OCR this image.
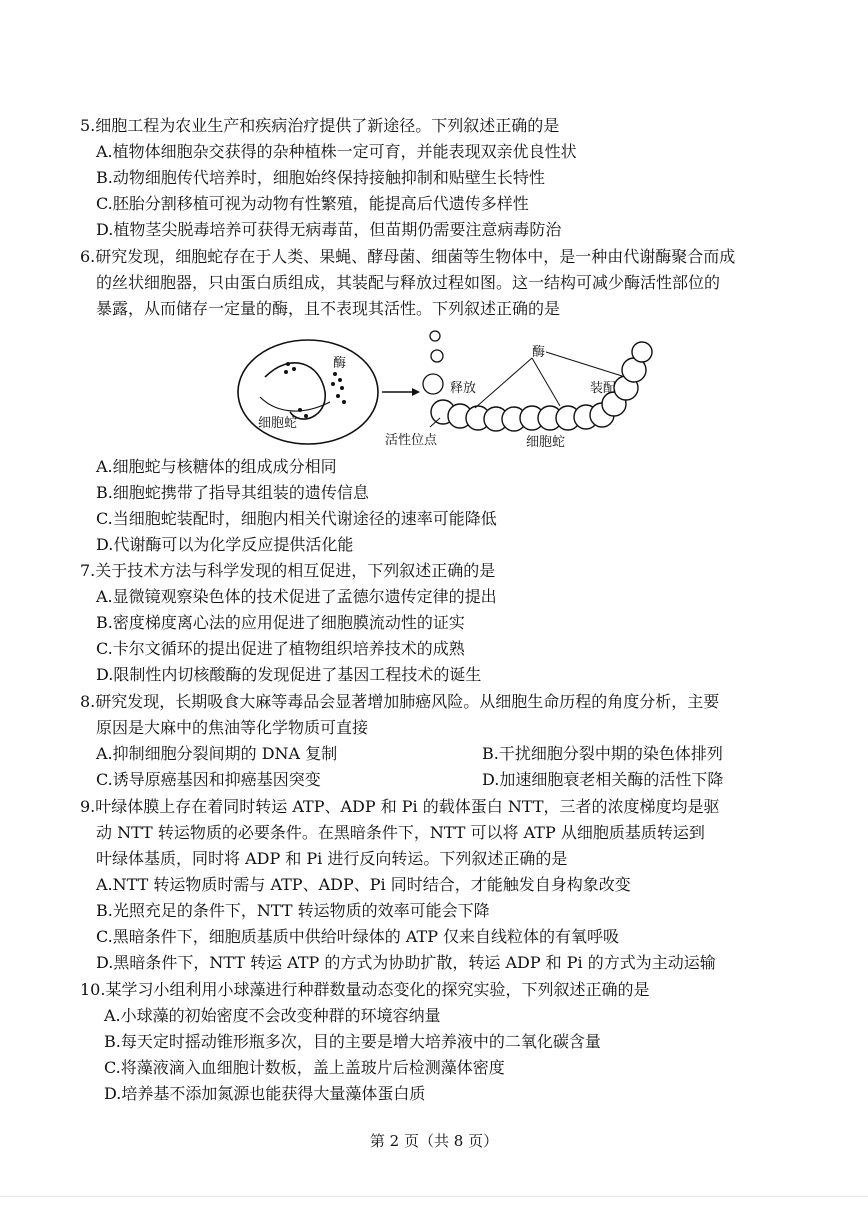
5.细胞工程为农业生产和疾病治疗提供了新途径。下列叙述正确的是
A.植物体细胞杂交获得的杂种植株一定可育，并能表现双亲优良性状
B.动物细胞传代培养时，细胞始终保持接触抑制和贴壁生长特性
C.胚胎分割移植可视为动物有性繁殖，能提高后代遗传多样性
D.植物茎尖脱毒培养可获得无病毒苗，但苗期仍需要注意病毒防治
6.研究发现，细胞蛇存在于人类、果蝇、酵母菌、细菌等生物体中，是一种由代谢酶聚合而成
的丝状细胞器，只由蛋白质组成，其装配与释放过程如图。这一结构可减少酶活性部位的
暴露，从而储存一定量的酶，且不表现其活性。下列叙述正确的是
酶
细胞蛇
酶
释放	装配
活性位点	细胞蛇
A.细胞蛇与核糖体的组成成分相同
B.细胞蛇携带了指导其组装的遗传信息
C.当细胞蛇装配时，细胞内相关代谢途径的速率可能降低
D.代谢酶可以为化学反应提供活化能
7.关于技术方法与科学发现的相互促进，下列叙述正确的是
A.显微镜观察染色体的技术促进了孟德尔遗传定律的提出
B.密度梯度离心法的应用促进了细胞膜流动性的证实
C.卡尔文循环的提出促进了植物组织培养技术的成熟
D.限制性内切核酸酶的发现促进了基因工程技术的诞生
8.研究发现，长期吸食大麻等毒品会显著增加肺癌风险。从细胞生命历程的角度分析，主要
原因是大麻中的焦油等化学物质可直接
A.抑制细胞分裂间期的 DNA 复制	B.干扰细胞分裂中期的染色体排列
C.诱导原癌基因和抑癌基因突变	D.加速细胞衰老相关酶的活性下降
9.叶绿体膜上存在着同时转运 ATP、ADP 和 Pi 的载体蛋白 NTT，三者的浓度梯度均是驱
动 NTT 转运物质的必要条件。在黑暗条件下，NTT 可以将 ATP 从细胞质基质转运到
叶绿体基质，同时将 ADP 和 Pi 进行反向转运。下列叙述正确的是
A.NTT 转运物质时需与 ATP、ADP、Pi 同时结合，才能触发自身构象改变
B.光照充足的条件下，NTT 转运物质的效率可能会下降
C.黑暗条件下，细胞质基质中供给叶绿体的 ATP 仅来自线粒体的有氧呼吸
D.黑暗条件下，NTT 转运 ATP 的方式为协助扩散，转运 ADP 和 Pi 的方式为主动运输
10.某学习小组利用小球藻进行种群数量动态变化的探究实验，下列叙述正确的是
A.小球藻的初始密度不会改变种群的环境容纳量
B.每天定时摇动锥形瓶多次，目的主要是增大培养液中的二氧化碳含量
C.将藻液滴入血细胞计数板，盖上盖玻片后检测藻体密度
D.培养基不添加氮源也能获得大量藻体蛋白质
第 2 页（共 8 页）
